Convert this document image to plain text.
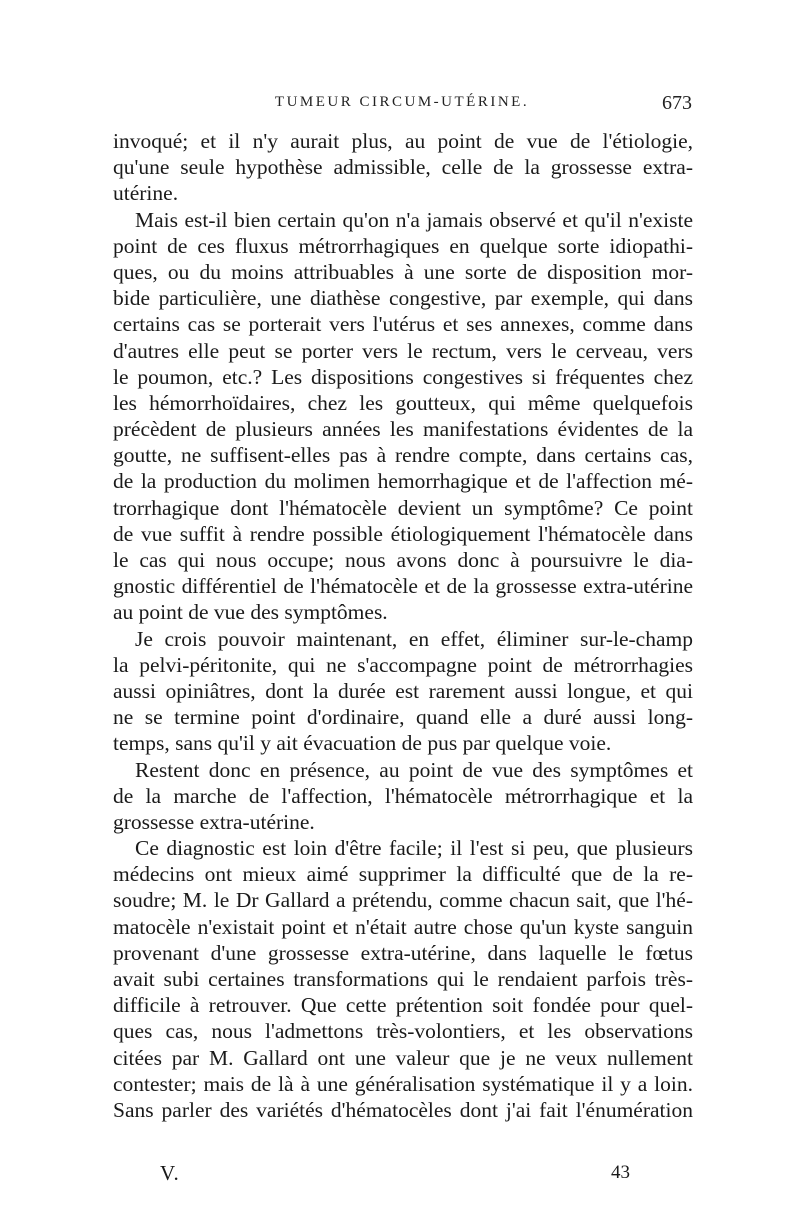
TUMEUR CIRCUM-UTÉRINE.	673
invoqué; et il n'y aurait plus, au point de vue de l'étiologie,
qu'une seule hypothèse admissible, celle de la grossesse extra-
utérine.
Mais est-il bien certain qu'on n'a jamais observé et qu'il n'existe
point de ces fluxus métrorrhagiques en quelque sorte idiopathi-
ques, ou du moins attribuables à une sorte de disposition mor-
bide particulière, une diathèse congestive, par exemple, qui dans
certains cas se porterait vers l'utérus et ses annexes, comme dans
d'autres elle peut se porter vers le rectum, vers le cerveau, vers
le poumon, etc.? Les dispositions congestives si fréquentes chez
les hémorrhoïdaires, chez les goutteux, qui même quelquefois
précèdent de plusieurs années les manifestations évidentes de la
goutte, ne suffisent-elles pas à rendre compte, dans certains cas,
de la production du molimen hemorrhagique et de l'affection mé-
trorrhagique dont l'hématocèle devient un symptôme? Ce point
de vue suffit à rendre possible étiologiquement l'hématocèle dans
le cas qui nous occupe; nous avons donc à poursuivre le dia-
gnostic différentiel de l'hématocèle et de la grossesse extra-utérine
au point de vue des symptômes.
Je crois pouvoir maintenant, en effet, éliminer sur-le-champ
la pelvi-péritonite, qui ne s'accompagne point de métrorrhagies
aussi opiniâtres, dont la durée est rarement aussi longue, et qui
ne se termine point d'ordinaire, quand elle a duré aussi long-
temps, sans qu'il y ait évacuation de pus par quelque voie.
Restent donc en présence, au point de vue des symptômes et
de la marche de l'affection, l'hématocèle métrorrhagique et la
grossesse extra-utérine.
Ce diagnostic est loin d'être facile; il l'est si peu, que plusieurs
médecins ont mieux aimé supprimer la difficulté que de la re-
soudre; M. le Dr Gallard a prétendu, comme chacun sait, que l'hé-
matocèle n'existait point et n'était autre chose qu'un kyste sanguin
provenant d'une grossesse extra-utérine, dans laquelle le fœtus
avait subi certaines transformations qui le rendaient parfois très-
difficile à retrouver. Que cette prétention soit fondée pour quel-
ques cas, nous l'admettons très-volontiers, et les observations
citées par M. Gallard ont une valeur que je ne veux nullement
contester; mais de là à une généralisation systématique il y a loin.
Sans parler des variétés d'hématocèles dont j'ai fait l'énumération
V.	43
